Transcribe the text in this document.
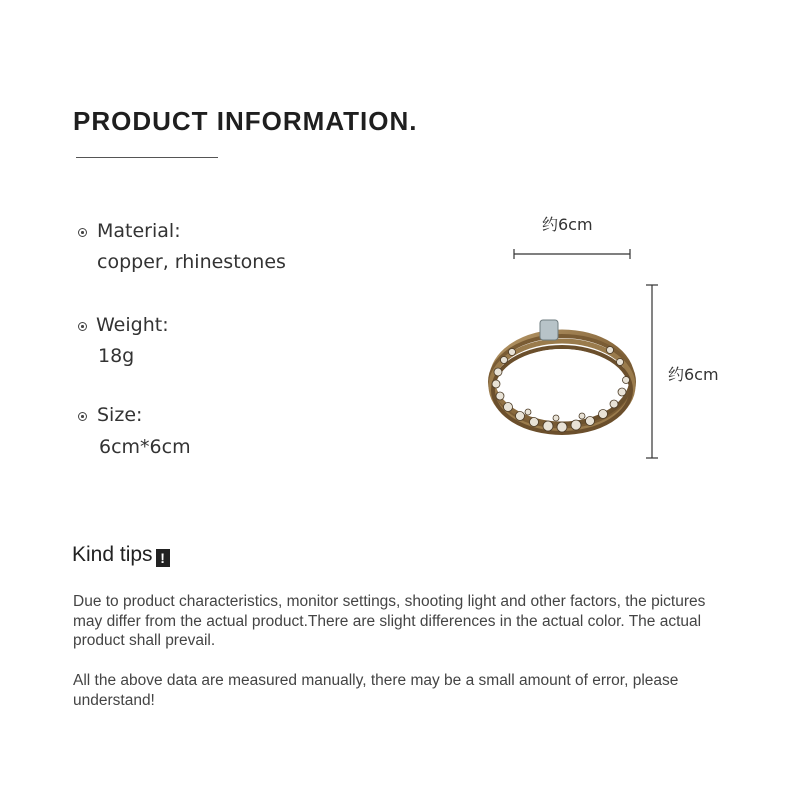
PRODUCT INFORMATION.
Material:
copper, rhinestones
Weight:
18g
Size:
6cm*6cm
约6cm
约6cm
Kind tips !
Due to product characteristics, monitor settings, shooting light and other factors, the pictures may differ from the actual product.There are slight differences in the actual color. The actual product shall prevail.
All the above data are measured manually, there may be a small amount of error, please understand!
